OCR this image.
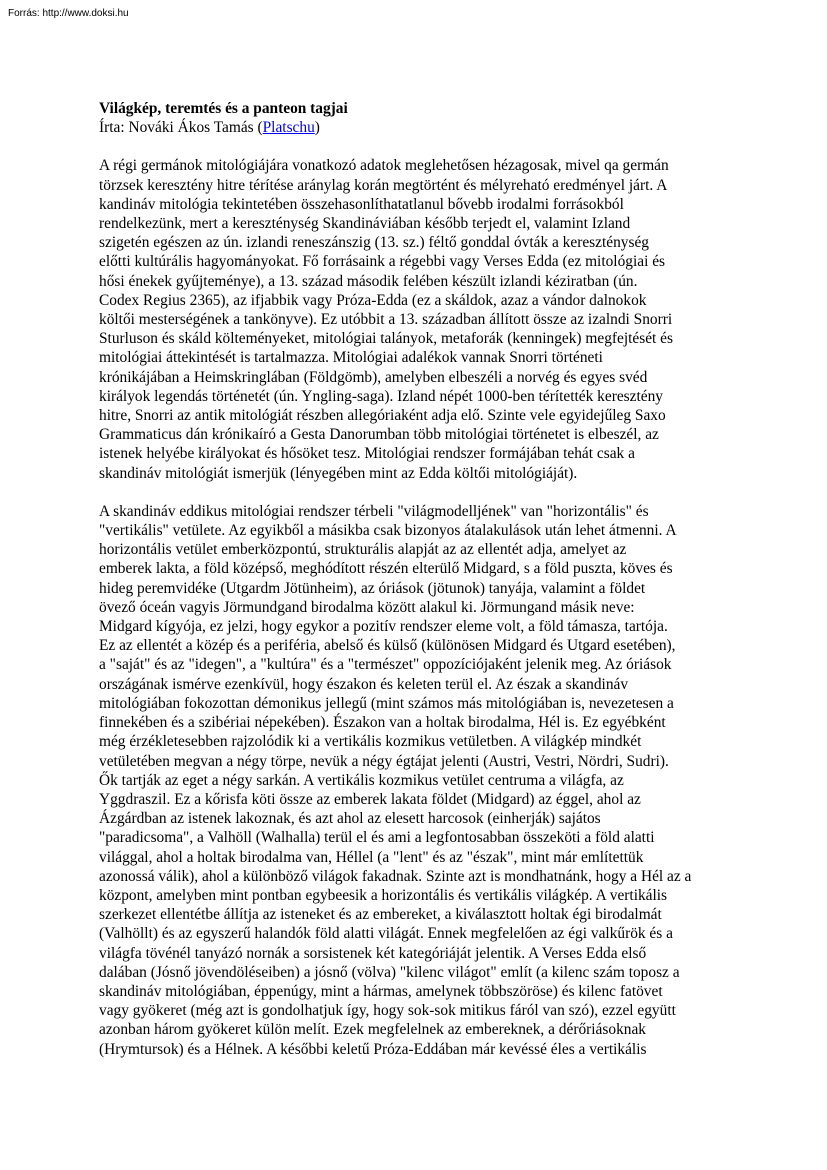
Forrás: http://www.doksi.hu

Világkép, teremtés és a panteon tagjai

Írta: Nováki Ákos Tamás (Platschu)

A régi germánok mitológiájára vonatkozó adatok meglehetősen hézagosak, mivel qa germán
törzsek keresztény hitre térítése aránylag korán megtörtént és mélyreható eredményel járt. A
kandináv mitológia tekintetében összehasonlíthatatlanul bővebb irodalmi forrásokból
rendelkezünk, mert a kereszténység Skandináviában később terjedt el, valamint Izland
szigetén egészen az ún. izlandi reneszánszig (13. sz.) féltő gonddal óvták a kereszténység
előtti kultúrális hagyományokat. Fő forrásaink a régebbi vagy Verses Edda (ez mitológiai és
hősi énekek gyűjteménye), a 13. század második felében készült izlandi kéziratban (ún.
Codex Regius 2365), az ifjabbik vagy Próza-Edda (ez a skáldok, azaz a vándor dalnokok
költői mesterségének a tankönyve). Ez utóbbit a 13. században állított össze az izalndi Snorri
Sturluson és skáld költeményeket, mitológiai talányok, metaforák (kenningek) megfejtését és
mitológiai áttekintését is tartalmazza. Mitológiai adalékok vannak Snorri történeti
krónikájában a Heimskringlában (Földgömb), amelyben elbeszéli a norvég és egyes svéd
királyok legendás történetét (ún. Yngling-saga). Izland népét 1000-ben térítették keresztény
hitre, Snorri az antik mitológiát részben allegóriaként adja elő. Szinte vele egyidejűleg Saxo
Grammaticus dán krónikaíró a Gesta Danorumban több mitológiai történetet is elbeszél, az
istenek helyébe királyokat és hősöket tesz. Mitológiai rendszer formájában tehát csak a
skandináv mitológiát ismerjük (lényegében mint az Edda költői mitológiáját).
A skandináv eddikus mitológiai rendszer térbeli "világmodelljének" van "horizontális" és
"vertikális" vetülete. Az egyikből a másikba csak bizonyos átalakulások után lehet átmenni. A
horizontális vetület emberközpontú, strukturális alapját az az ellentét adja, amelyet az
emberek lakta, a föld középső, meghódított részén elterülő Midgard, s a föld puszta, köves és
hideg peremvidéke (Utgardm Jötünheim), az óriások (jötunok) tanyája, valamint a földet
övező óceán vagyis Jörmundgand birodalma között alakul ki. Jörmungand másik neve:
Midgard kígyója, ez jelzi, hogy egykor a pozitív rendszer eleme volt, a föld támasza, tartója.
Ez az ellentét a közép és a periféria, abelső és külső (különösen Midgard és Utgard esetében),
a "saját" és az "idegen", a "kultúra" és a "természet" oppozíciójaként jelenik meg. Az óriások
országának ismérve ezenkívül, hogy északon és keleten terül el. Az észak a skandináv
mitológiában fokozottan démonikus jellegű (mint számos más mitológiában is, nevezetesen a
finnekében és a szibériai népekében). Északon van a holtak birodalma, Hél is. Ez egyébként
még érzékletesebben rajzolódik ki a vertikális kozmikus vetületben. A világkép mindkét
vetületében megvan a négy törpe, nevük a négy égtájat jelenti (Austri, Vestri, Nördri, Sudri).
Ők tartják az eget a négy sarkán. A vertikális kozmikus vetület centruma a világfa, az
Yggdraszil. Ez a kőrisfa köti össze az emberek lakata földet (Midgard) az éggel, ahol az
Ázgárdban az istenek lakoznak, és azt ahol az elesett harcosok (einherják) sajátos
"paradicsoma", a Valhöll (Walhalla) terül el és ami a legfontosabban összeköti a föld alatti
világgal, ahol a holtak birodalma van, Héllel (a "lent" és az "észak", mint már említettük
azonossá válik), ahol a különböző világok fakadnak. Szinte azt is mondhatnánk, hogy a Hél az a
központ, amelyben mint pontban egybeesik a horizontális és vertikális világkép. A vertikális
szerkezet ellentétbe állítja az isteneket és az embereket, a kiválasztott holtak égi birodalmát
(Valhöllt) és az egyszerű halandók föld alatti világát. Ennek megfelelően az égi valkűrök és a
világfa tövénél tanyázó nornák a sorsistenek két kategóriáját jelentik. A Verses Edda első
dalában (Jósnő jövendöléseiben) a jósnő (völva) "kilenc világot" említ (a kilenc szám toposz a
skandináv mitológiában, éppenúgy, mint a hármas, amelynek többszöröse) és kilenc fatövet
vagy gyökeret (még azt is gondolhatjuk így, hogy sok-sok mitikus fáról van szó), ezzel együtt
azonban három gyökeret külön melít. Ezek megfelelnek az embereknek, a dérőriásoknak
(Hrymtursok) és a Hélnek. A későbbi keletű Próza-Eddában már kevéssé éles a vertikális
